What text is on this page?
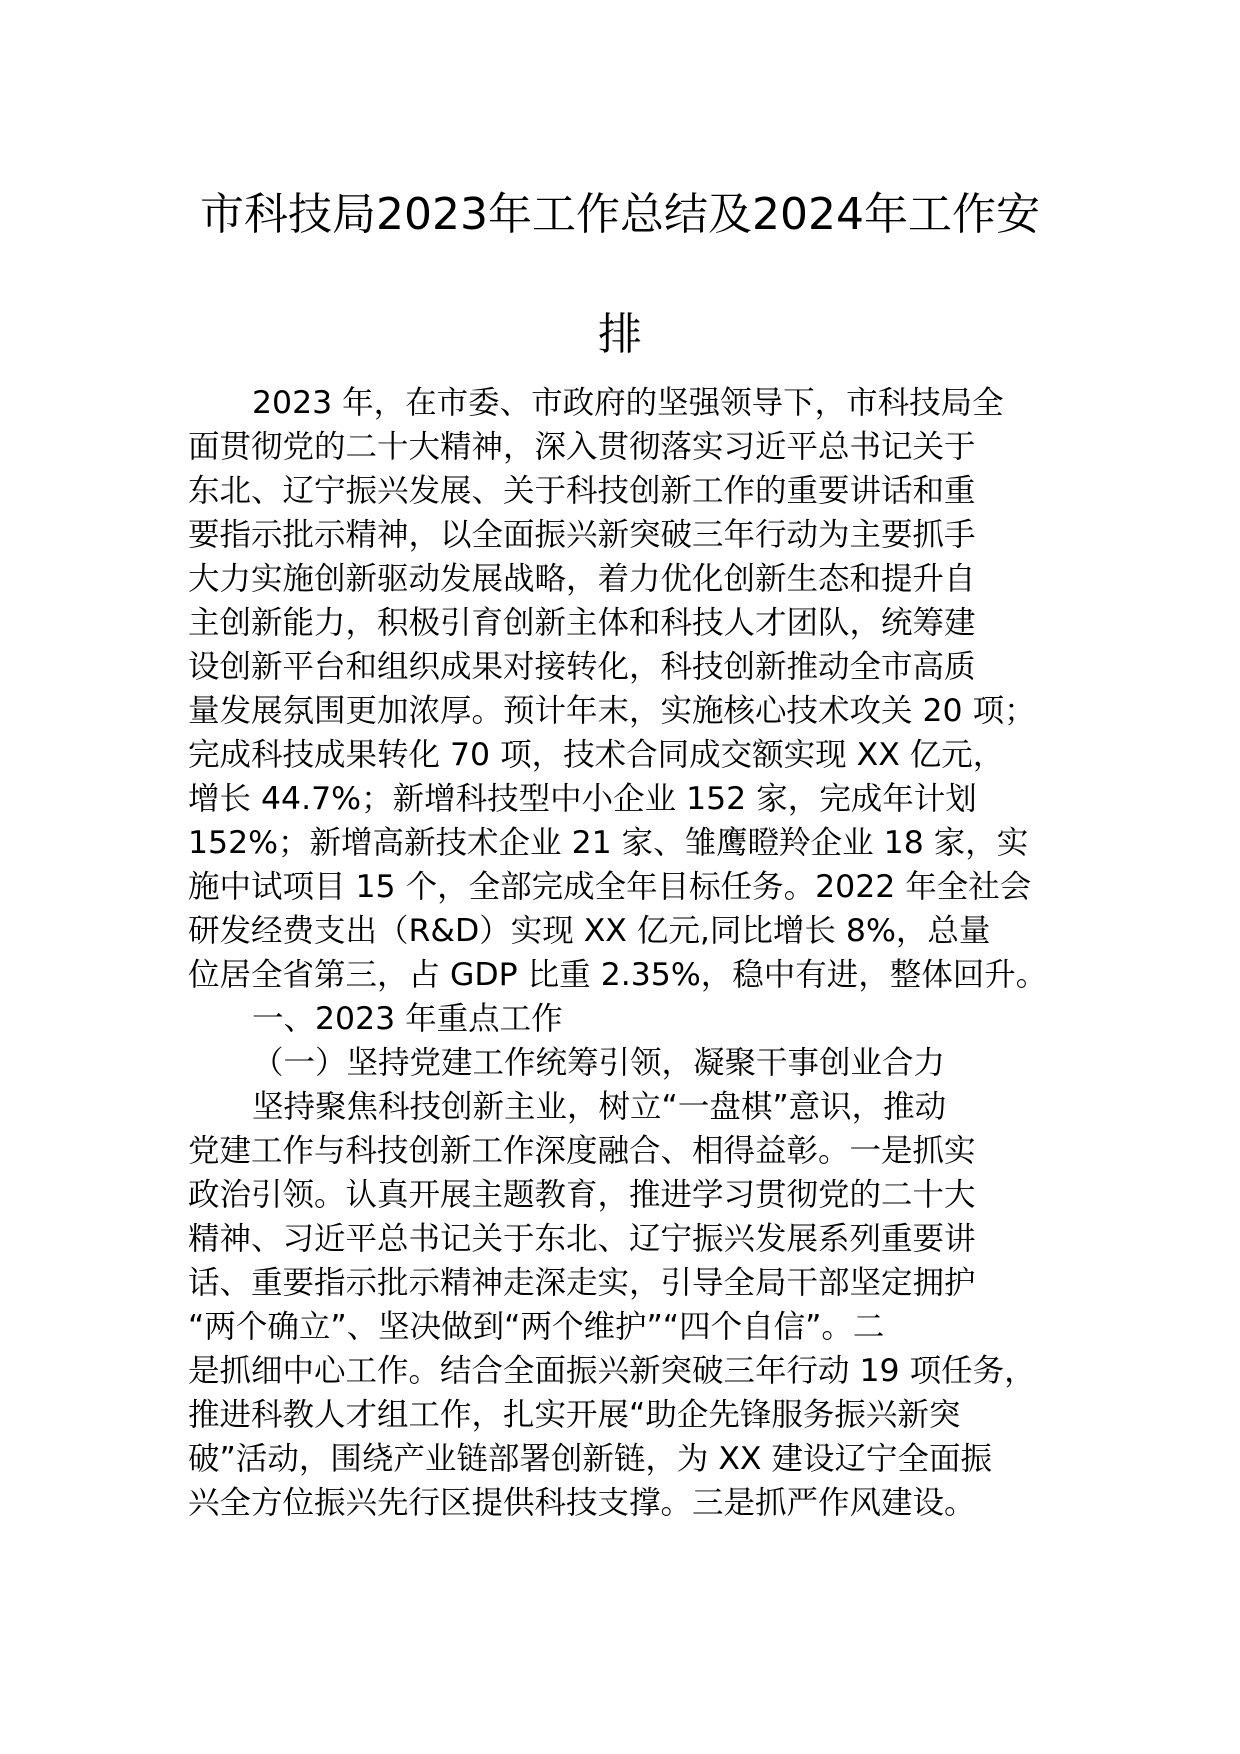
市科技局2023年工作总结及2024年工作安
排

2023 年，在市委、市政府的坚强领导下，市科技局全

面贯彻党的二十大精神，深入贯彻落实习近平总书记关于

东北、辽宁振兴发展、关于科技创新工作的重要讲话和重

要指示批示精神，以全面振兴新突破三年行动为主要抓手

大力实施创新驱动发展战略，着力优化创新生态和提升自

主创新能力，积极引育创新主体和科技人才团队，统筹建

设创新平台和组织成果对接转化，科技创新推动全市高质

量发展氛围更加浓厚。预计年末，实施核心技术攻关 20 项；

完成科技成果转化 70 项，技术合同成交额实现 XX 亿元，

增长 44.7%；新增科技型中小企业 152 家，完成年计划

152%；新增高新技术企业 21 家、雏鹰瞪羚企业 18 家，实

施中试项目 15 个，全部完成全年目标任务。2022 年全社会

研发经费支出（R&D）实现 XX 亿元,同比增长 8%，总量

位居全省第三，占 GDP 比重 2.35%，稳中有进，整体回升。

一、2023 年重点工作

（一）坚持党建工作统筹引领，凝聚干事创业合力

坚持聚焦科技创新主业，树立“一盘棋”意识，推动

党建工作与科技创新工作深度融合、相得益彰。一是抓实

政治引领。认真开展主题教育，推进学习贯彻党的二十大

精神、习近平总书记关于东北、辽宁振兴发展系列重要讲

话、重要指示批示精神走深走实，引导全局干部坚定拥护

“两个确立”、坚决做到“两个维护”“四个自信”。二

是抓细中心工作。结合全面振兴新突破三年行动 19 项任务，

推进科教人才组工作，扎实开展“助企先锋服务振兴新突

破”活动，围绕产业链部署创新链，为 XX 建设辽宁全面振

兴全方位振兴先行区提供科技支撑。三是抓严作风建设。
